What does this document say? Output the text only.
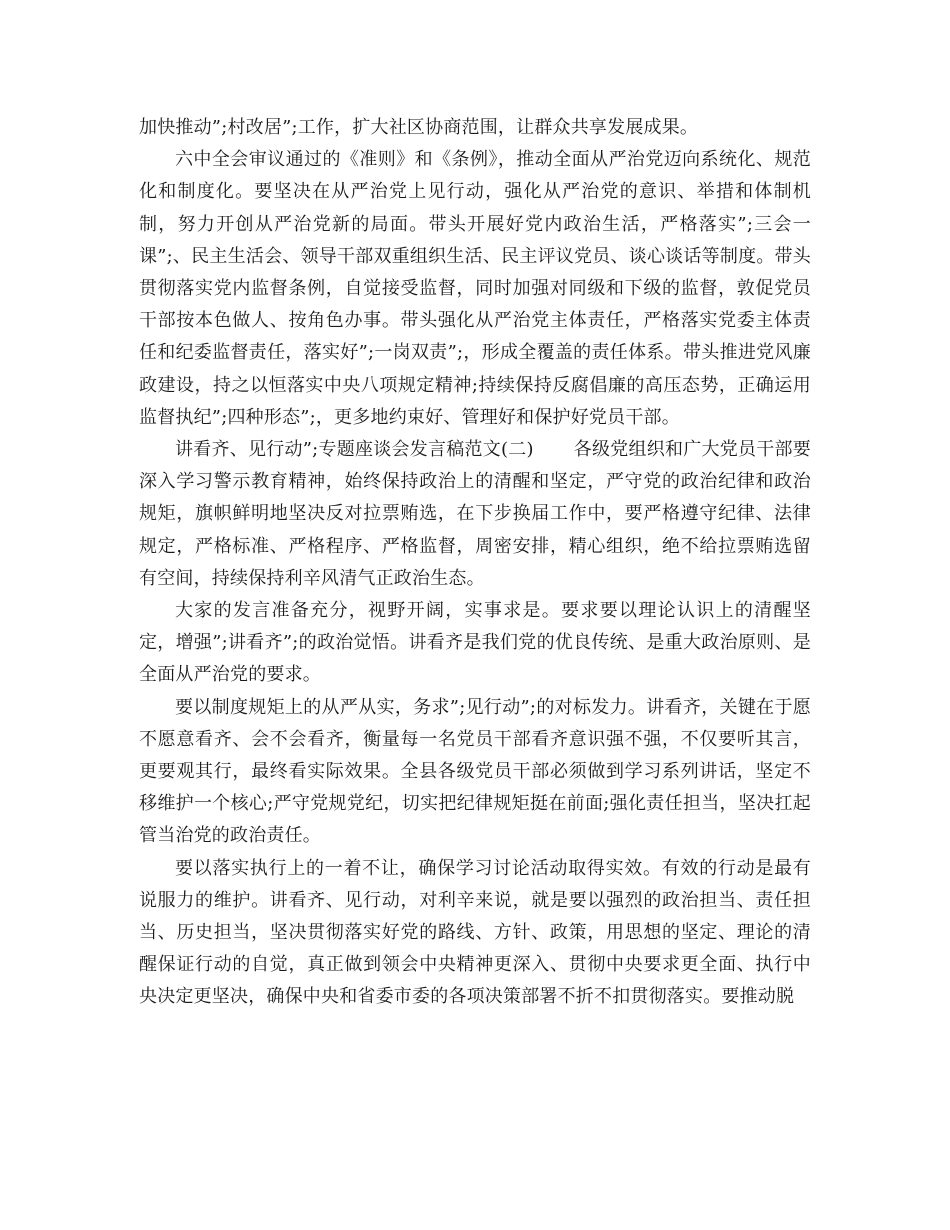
加快推动”;村改居”;工作，扩大社区协商范围，让群众共享发展成果。

六中全会审议通过的《准则》和《条例》，推动全面从严治党迈向系统化、规范化和制度化。要坚决在从严治党上见行动，强化从严治党的意识、举措和体制机制，努力开创从严治党新的局面。带头开展好党内政治生活，严格落实”;三会一课”;、民主生活会、领导干部双重组织生活、民主评议党员、谈心谈话等制度。带头贯彻落实党内监督条例，自觉接受监督，同时加强对同级和下级的监督，敦促党员干部按本色做人、按角色办事。带头强化从严治党主体责任，严格落实党委主体责任和纪委监督责任，落实好”;一岗双责”;，形成全覆盖的责任体系。带头推进党风廉政建设，持之以恒落实中央八项规定精神;持续保持反腐倡廉的高压态势，正确运用监督执纪”;四种形态”;，更多地约束好、管理好和保护好党员干部。

讲看齐、见行动”;专题座谈会发言稿范文(二) 各级党组织和广大党员干部要深入学习警示教育精神，始终保持政治上的清醒和坚定，严守党的政治纪律和政治规矩，旗帜鲜明地坚决反对拉票贿选，在下步换届工作中，要严格遵守纪律、法律规定，严格标准、严格程序、严格监督，周密安排，精心组织，绝不给拉票贿选留有空间，持续保持利辛风清气正政治生态。

大家的发言准备充分，视野开阔，实事求是。要求要以理论认识上的清醒坚定，增强”;讲看齐”;的政治觉悟。讲看齐是我们党的优良传统、是重大政治原则、是全面从严治党的要求。

要以制度规矩上的从严从实，务求”;见行动”;的对标发力。讲看齐，关键在于愿不愿意看齐、会不会看齐，衡量每一名党员干部看齐意识强不强，不仅要听其言，更要观其行，最终看实际效果。全县各级党员干部必须做到学习系列讲话，坚定不移维护一个核心;严守党规党纪，切实把纪律规矩挺在前面;强化责任担当，坚决扛起管当治党的政治责任。

要以落实执行上的一着不让，确保学习讨论活动取得实效。有效的行动是最有说服力的维护。讲看齐、见行动，对利辛来说，就是要以强烈的政治担当、责任担当、历史担当，坚决贯彻落实好党的路线、方针、政策，用思想的坚定、理论的清醒保证行动的自觉，真正做到领会中央精神更深入、贯彻中央要求更全面、执行中央决定更坚决，确保中央和省委市委的各项决策部署不折不扣贯彻落实。要推动脱
